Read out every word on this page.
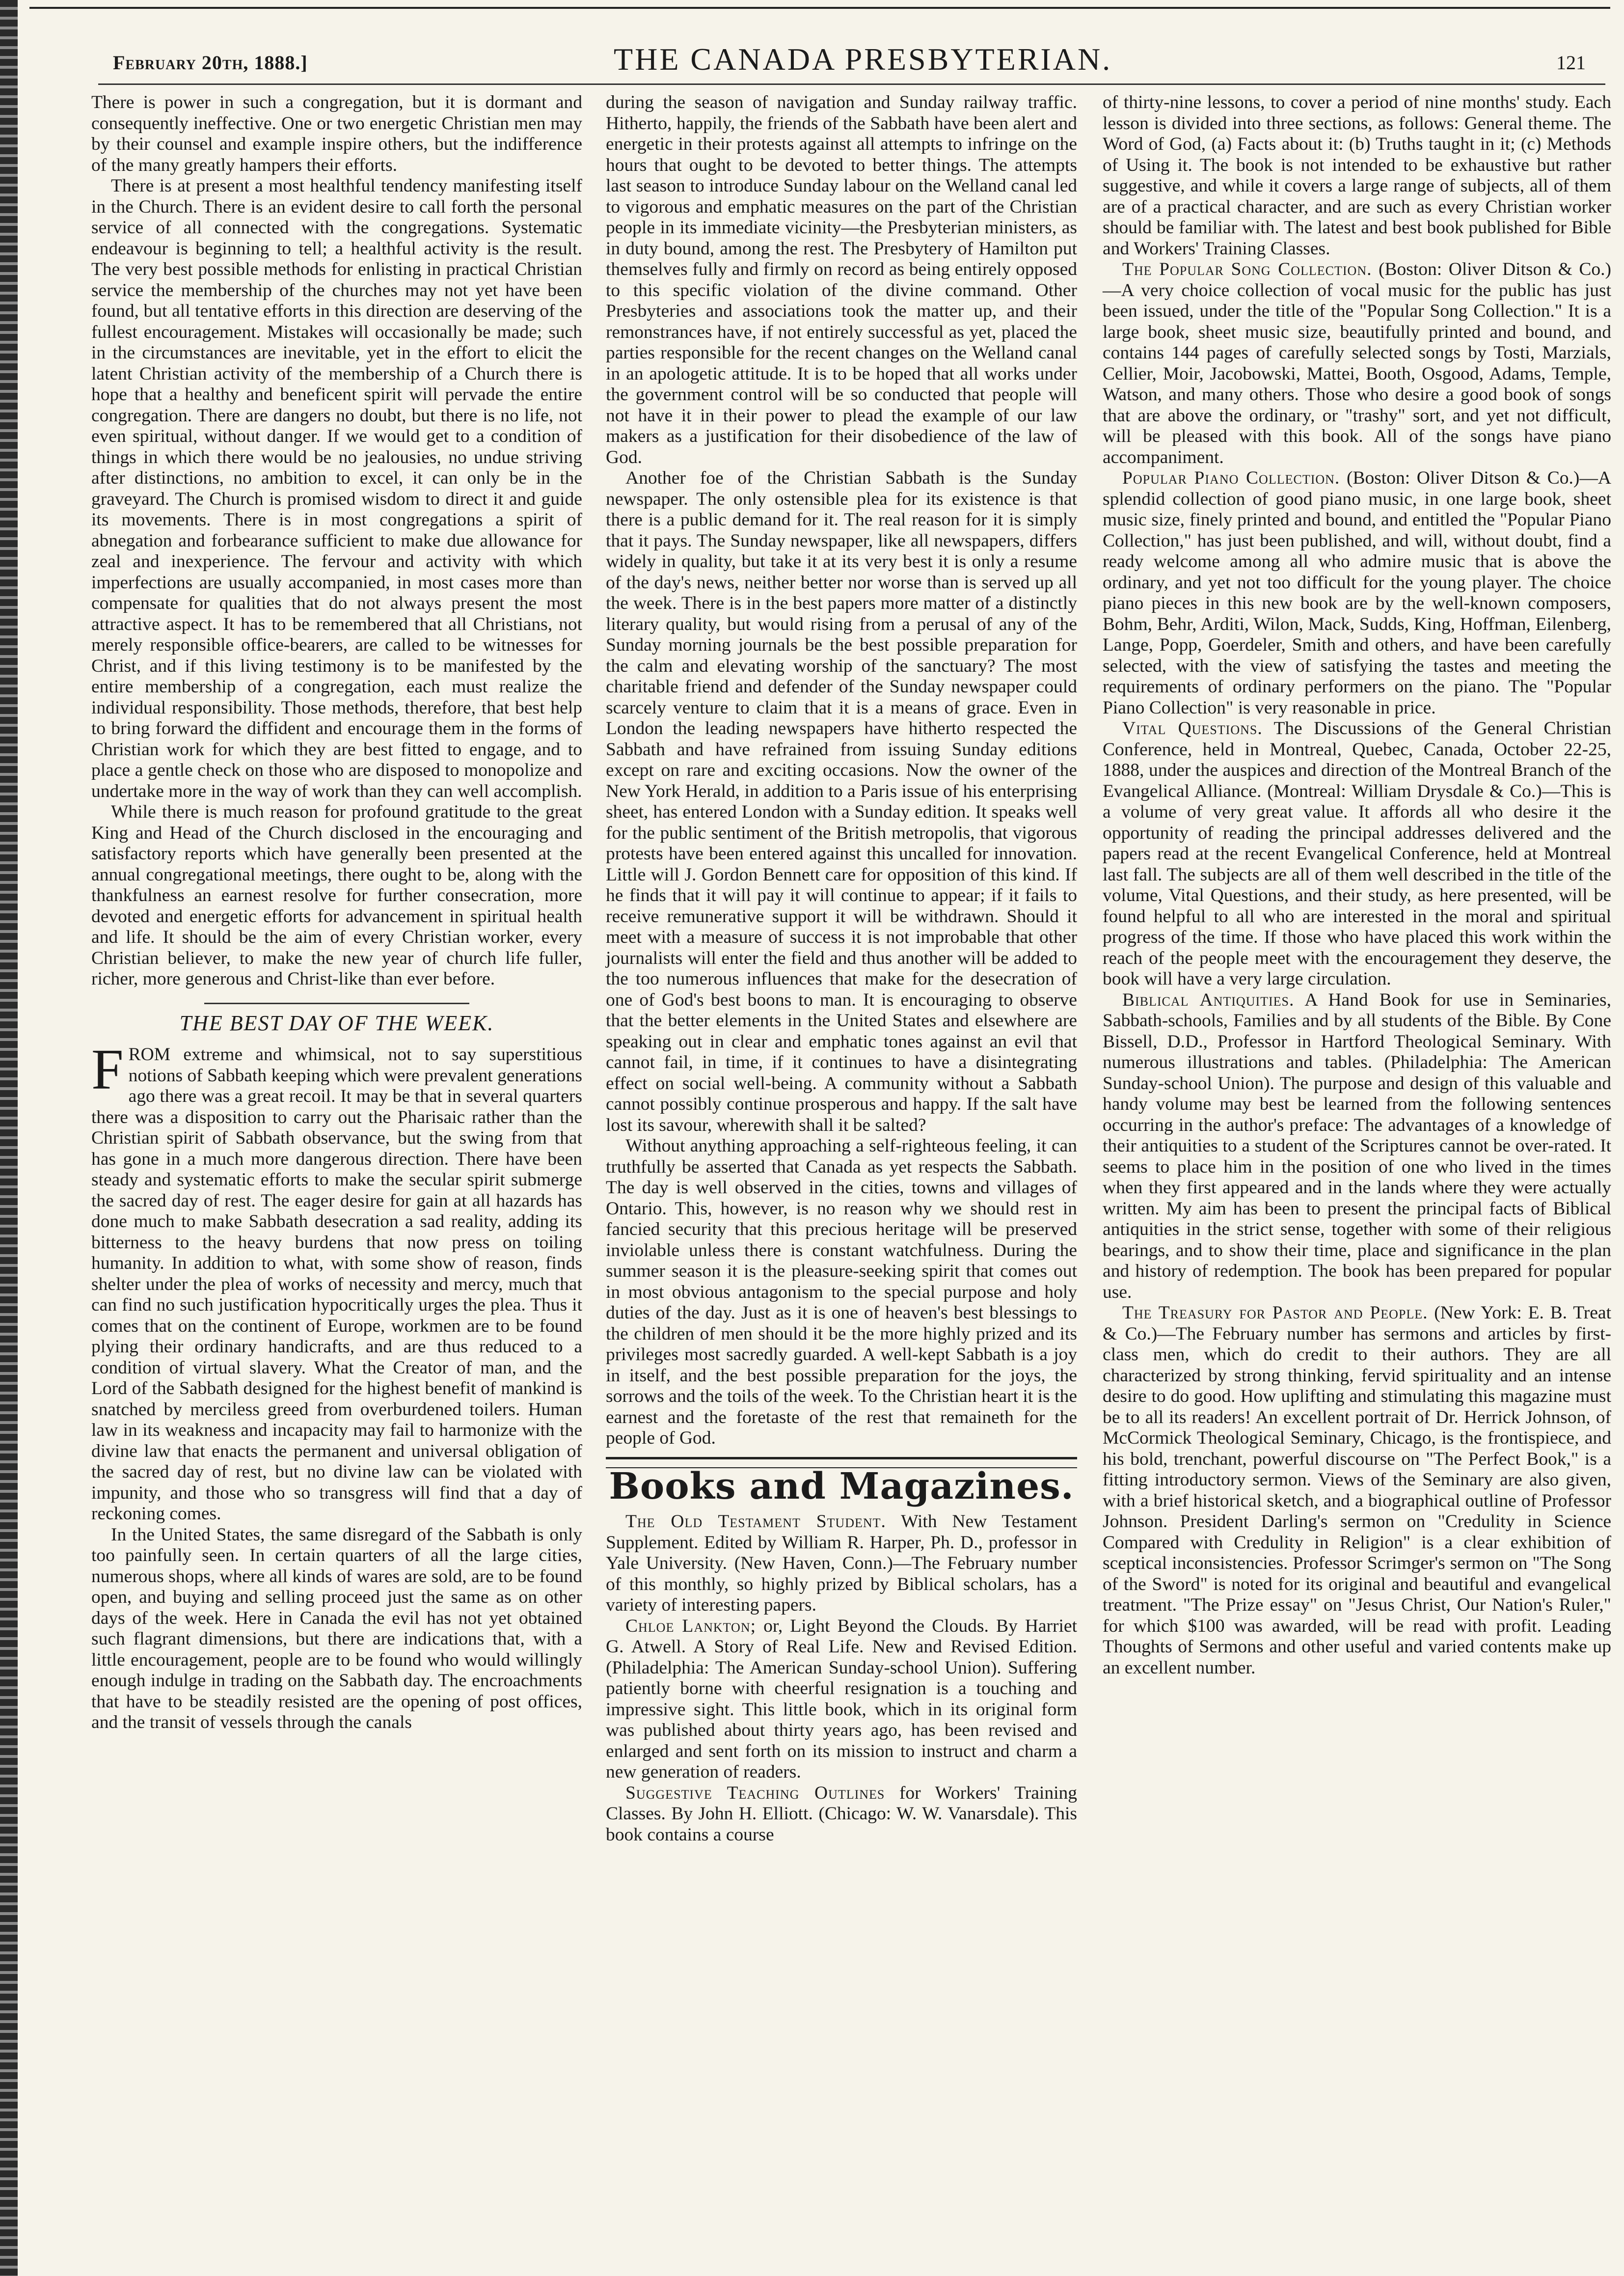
February 20th, 1888.]	THE CANADA PRESBYTERIAN.	121

There is power in such a congregation, but it is dormant and consequently ineffective. One or two energetic Christian men may by their counsel and example inspire others, but the indifference of the many greatly hampers their efforts.

There is at present a most healthful tendency manifesting itself in the Church. There is an evident desire to call forth the personal service of all connected with the congregations. Systematic endeavour is beginning to tell; a healthful activity is the result. The very best possible methods for enlisting in practical Christian service the membership of the churches may not yet have been found, but all tentative efforts in this direction are deserving of the fullest encouragement. Mistakes will occasionally be made; such in the circumstances are inevitable, yet in the effort to elicit the latent Christian activity of the membership of a Church there is hope that a healthy and beneficent spirit will pervade the entire congregation. There are dangers no doubt, but there is no life, not even spiritual, without danger. If we would get to a condition of things in which there would be no jealousies, no undue striving after distinctions, no ambition to excel, it can only be in the graveyard. The Church is promised wisdom to direct it and guide its movements. There is in most congregations a spirit of abnegation and forbearance sufficient to make due allowance for zeal and inexperience. The fervour and activity with which imperfections are usually accompanied, in most cases more than compensate for qualities that do not always present the most attractive aspect. It has to be remembered that all Christians, not merely responsible office-bearers, are called to be witnesses for Christ, and if this living testimony is to be manifested by the entire membership of a congregation, each must realize the individual responsibility. Those methods, therefore, that best help to bring forward the diffident and encourage them in the forms of Christian work for which they are best fitted to engage, and to place a gentle check on those who are disposed to monopolize and undertake more in the way of work than they can well accomplish.

While there is much reason for profound gratitude to the great King and Head of the Church disclosed in the encouraging and satisfactory reports which have generally been presented at the annual congregational meetings, there ought to be, along with the thankfulness an earnest resolve for further consecration, more devoted and energetic efforts for advancement in spiritual health and life. It should be the aim of every Christian worker, every Christian believer, to make the new year of church life fuller, richer, more generous and Christ-like than ever before.

THE BEST DAY OF THE WEEK.

FROM extreme and whimsical, not to say superstitious notions of Sabbath keeping which were prevalent generations ago there was a great recoil. It may be that in several quarters there was a disposition to carry out the Pharisaic rather than the Christian spirit of Sabbath observance, but the swing from that has gone in a much more dangerous direction. There have been steady and systematic efforts to make the secular spirit submerge the sacred day of rest. The eager desire for gain at all hazards has done much to make Sabbath desecration a sad reality, adding its bitterness to the heavy burdens that now press on toiling humanity. In addition to what, with some show of reason, finds shelter under the plea of works of necessity and mercy, much that can find no such justification hypocritically urges the plea. Thus it comes that on the continent of Europe, workmen are to be found plying their ordinary handicrafts, and are thus reduced to a condition of virtual slavery. What the Creator of man, and the Lord of the Sabbath designed for the highest benefit of mankind is snatched by merciless greed from overburdened toilers. Human law in its weakness and incapacity may fail to harmonize with the divine law that enacts the permanent and universal obligation of the sacred day of rest, but no divine law can be violated with impunity, and those who so transgress will find that a day of reckoning comes.

In the United States, the same disregard of the Sabbath is only too painfully seen. In certain quarters of all the large cities, numerous shops, where all kinds of wares are sold, are to be found open, and buying and selling proceed just the same as on other days of the week. Here in Canada the evil has not yet obtained such flagrant dimensions, but there are indications that, with a little encouragement, people are to be found who would willingly enough indulge in trading on the Sabbath day. The encroachments that have to be steadily resisted are the opening of post offices, and the transit of vessels through the canals

during the season of navigation and Sunday railway traffic. Hitherto, happily, the friends of the Sabbath have been alert and energetic in their protests against all attempts to infringe on the hours that ought to be devoted to better things. The attempts last season to introduce Sunday labour on the Welland canal led to vigorous and emphatic measures on the part of the Christian people in its immediate vicinity—the Presbyterian ministers, as in duty bound, among the rest. The Presbytery of Hamilton put themselves fully and firmly on record as being entirely opposed to this specific violation of the divine command. Other Presbyteries and associations took the matter up, and their remonstrances have, if not entirely successful as yet, placed the parties responsible for the recent changes on the Welland canal in an apologetic attitude. It is to be hoped that all works under the government control will be so conducted that people will not have it in their power to plead the example of our law makers as a justification for their disobedience of the law of God.

Another foe of the Christian Sabbath is the Sunday newspaper. The only ostensible plea for its existence is that there is a public demand for it. The real reason for it is simply that it pays. The Sunday newspaper, like all newspapers, differs widely in quality, but take it at its very best it is only a resume of the day's news, neither better nor worse than is served up all the week. There is in the best papers more matter of a distinctly literary quality, but would rising from a perusal of any of the Sunday morning journals be the best possible preparation for the calm and elevating worship of the sanctuary? The most charitable friend and defender of the Sunday newspaper could scarcely venture to claim that it is a means of grace. Even in London the leading newspapers have hitherto respected the Sabbath and have refrained from issuing Sunday editions except on rare and exciting occasions. Now the owner of the New York Herald, in addition to a Paris issue of his enterprising sheet, has entered London with a Sunday edition. It speaks well for the public sentiment of the British metropolis, that vigorous protests have been entered against this uncalled for innovation. Little will J. Gordon Bennett care for opposition of this kind. If he finds that it will pay it will continue to appear; if it fails to receive remunerative support it will be withdrawn. Should it meet with a measure of success it is not improbable that other journalists will enter the field and thus another will be added to the too numerous influences that make for the desecration of one of God's best boons to man. It is encouraging to observe that the better elements in the United States and elsewhere are speaking out in clear and emphatic tones against an evil that cannot fail, in time, if it continues to have a disintegrating effect on social well-being. A community without a Sabbath cannot possibly continue prosperous and happy. If the salt have lost its savour, wherewith shall it be salted?

Without anything approaching a self-righteous feeling, it can truthfully be asserted that Canada as yet respects the Sabbath. The day is well observed in the cities, towns and villages of Ontario. This, however, is no reason why we should rest in fancied security that this precious heritage will be preserved inviolable unless there is constant watchfulness. During the summer season it is the pleasure-seeking spirit that comes out in most obvious antagonism to the special purpose and holy duties of the day. Just as it is one of heaven's best blessings to the children of men should it be the more highly prized and its privileges most sacredly guarded. A well-kept Sabbath is a joy in itself, and the best possible preparation for the joys, the sorrows and the toils of the week. To the Christian heart it is the earnest and the foretaste of the rest that remaineth for the people of God.

Books and Magazines.

The Old Testament Student. With New Testament Supplement. Edited by William R. Harper, Ph. D., professor in Yale University. (New Haven, Conn.)—The February number of this monthly, so highly prized by Biblical scholars, has a variety of interesting papers.

Chloe Lankton; or, Light Beyond the Clouds. By Harriet G. Atwell. A Story of Real Life. New and Revised Edition. (Philadelphia: The American Sunday-school Union). Suffering patiently borne with cheerful resignation is a touching and impressive sight. This little book, which in its original form was published about thirty years ago, has been revised and enlarged and sent forth on its mission to instruct and charm a new generation of readers.

Suggestive Teaching Outlines for Workers' Training Classes. By John H. Elliott. (Chicago: W. W. Vanarsdale). This book contains a course

of thirty-nine lessons, to cover a period of nine months' study. Each lesson is divided into three sections, as follows: General theme. The Word of God, (a) Facts about it: (b) Truths taught in it; (c) Methods of Using it. The book is not intended to be exhaustive but rather suggestive, and while it covers a large range of subjects, all of them are of a practical character, and are such as every Christian worker should be familiar with. The latest and best book published for Bible and Workers' Training Classes.

The Popular Song Collection. (Boston: Oliver Ditson & Co.)—A very choice collection of vocal music for the public has just been issued, under the title of the "Popular Song Collection." It is a large book, sheet music size, beautifully printed and bound, and contains 144 pages of carefully selected songs by Tosti, Marzials, Cellier, Moir, Jacobowski, Mattei, Booth, Osgood, Adams, Temple, Watson, and many others. Those who desire a good book of songs that are above the ordinary, or "trashy" sort, and yet not difficult, will be pleased with this book. All of the songs have piano accompaniment.

Popular Piano Collection. (Boston: Oliver Ditson & Co.)—A splendid collection of good piano music, in one large book, sheet music size, finely printed and bound, and entitled the "Popular Piano Collection," has just been published, and will, without doubt, find a ready welcome among all who admire music that is above the ordinary, and yet not too difficult for the young player. The choice piano pieces in this new book are by the well-known composers, Bohm, Behr, Arditi, Wilon, Mack, Sudds, King, Hoffman, Eilenberg, Lange, Popp, Goerdeler, Smith and others, and have been carefully selected, with the view of satisfying the tastes and meeting the requirements of ordinary performers on the piano. The "Popular Piano Collection" is very reasonable in price.

Vital Questions. The Discussions of the General Christian Conference, held in Montreal, Quebec, Canada, October 22-25, 1888, under the auspices and direction of the Montreal Branch of the Evangelical Alliance. (Montreal: William Drysdale & Co.)—This is a volume of very great value. It affords all who desire it the opportunity of reading the principal addresses delivered and the papers read at the recent Evangelical Conference, held at Montreal last fall. The subjects are all of them well described in the title of the volume, Vital Questions, and their study, as here presented, will be found helpful to all who are interested in the moral and spiritual progress of the time. If those who have placed this work within the reach of the people meet with the encouragement they deserve, the book will have a very large circulation.

Biblical Antiquities. A Hand Book for use in Seminaries, Sabbath-schools, Families and by all students of the Bible. By Cone Bissell, D.D., Professor in Hartford Theological Seminary. With numerous illustrations and tables. (Philadelphia: The American Sunday-school Union). The purpose and design of this valuable and handy volume may best be learned from the following sentences occurring in the author's preface: The advantages of a knowledge of their antiquities to a student of the Scriptures cannot be over-rated. It seems to place him in the position of one who lived in the times when they first appeared and in the lands where they were actually written. My aim has been to present the principal facts of Biblical antiquities in the strict sense, together with some of their religious bearings, and to show their time, place and significance in the plan and history of redemption. The book has been prepared for popular use.

The Treasury for Pastor and People. (New York: E. B. Treat & Co.)—The February number has sermons and articles by first-class men, which do credit to their authors. They are all characterized by strong thinking, fervid spirituality and an intense desire to do good. How uplifting and stimulating this magazine must be to all its readers! An excellent portrait of Dr. Herrick Johnson, of McCormick Theological Seminary, Chicago, is the frontispiece, and his bold, trenchant, powerful discourse on "The Perfect Book," is a fitting introductory sermon. Views of the Seminary are also given, with a brief historical sketch, and a biographical outline of Professor Johnson. President Darling's sermon on "Credulity in Science Compared with Credulity in Religion" is a clear exhibition of sceptical inconsistencies. Professor Scrimger's sermon on "The Song of the Sword" is noted for its original and beautiful and evangelical treatment. "The Prize essay" on "Jesus Christ, Our Nation's Ruler," for which $100 was awarded, will be read with profit. Leading Thoughts of Sermons and other useful and varied contents make up an excellent number.
